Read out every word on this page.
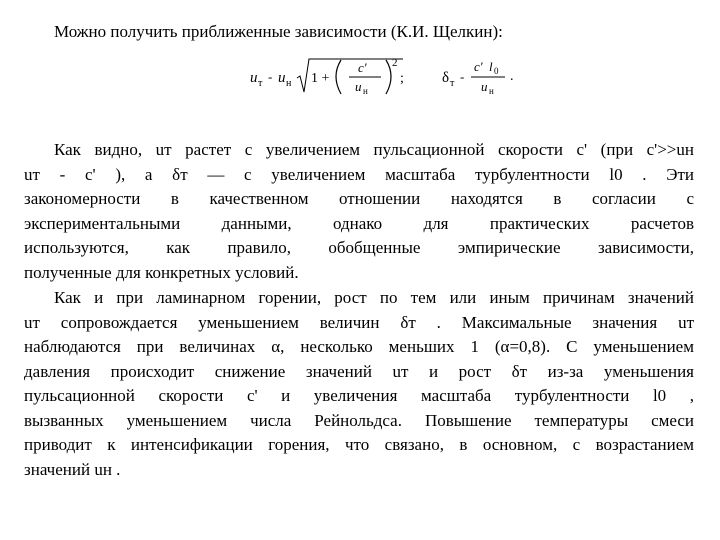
Можно получить приближенные зависимости (К.И. Щелкин):
u т - u н 1 +
c′
u н
2
;	δ т -
c′ l 0
u н
.
Как видно, uт растет с увеличением пульсационной скорости c' (при c'>>uн
uт - c' ), а δт — с увеличением масштаба турбулентности l0 . Эти
закономерности в качественном отношении находятся в согласии с
экспериментальными данными, однако для практических расчетов
используются, как правило, обобщенные эмпирические зависимости,
полученные для конкретных условий.
Как и при ламинарном горении, рост по тем или иным причинам значений
uт сопровождается уменьшением величин δт . Максимальные значения uт
наблюдаются при величинах α, несколько меньших 1 (α=0,8). С уменьшением
давления происходит снижение значений uт и рост δт из-за уменьшения
пульсационной скорости c' и увеличения масштаба турбулентности l0 ,
вызванных уменьшением числа Рейнольдса. Повышение температуры смеси
приводит к интенсификации горения, что связано, в основном, с возрастанием
значений uн .
